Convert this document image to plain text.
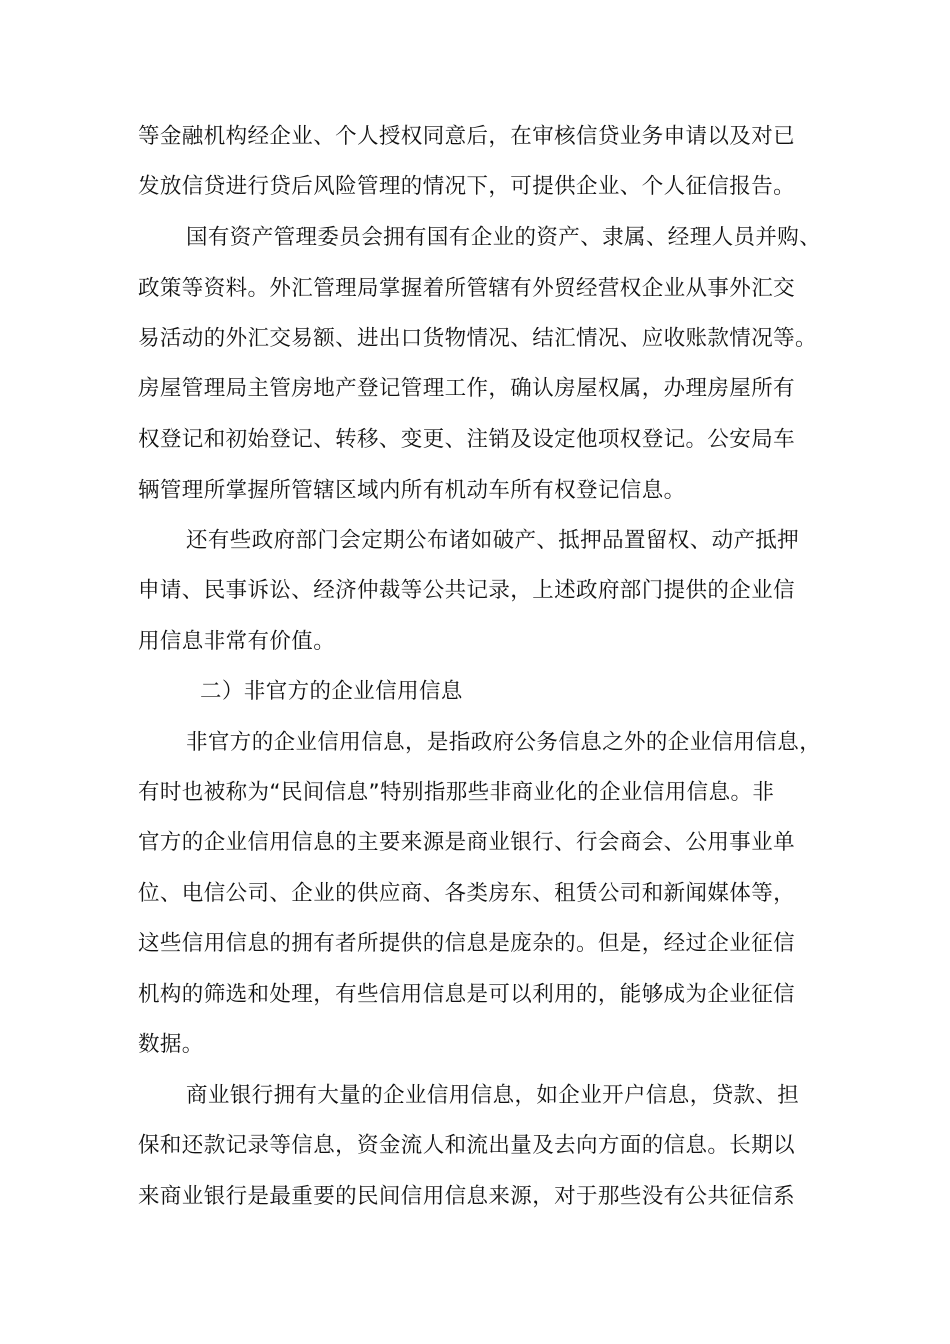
等金融机构经企业、个人授权同意后，在审核信贷业务申请以及对已
发放信贷进行贷后风险管理的情况下，可提供企业、个人征信报告。
国有资产管理委员会拥有国有企业的资产、隶属、经理人员并购、
政策等资料。外汇管理局掌握着所管辖有外贸经营权企业从事外汇交
易活动的外汇交易额、进出口货物情况、结汇情况、应收账款情况等。
房屋管理局主管房地产登记管理工作，确认房屋权属，办理房屋所有
权登记和初始登记、转移、变更、注销及设定他项权登记。公安局车
辆管理所掌握所管辖区域内所有机动车所有权登记信息。
还有些政府部门会定期公布诸如破产、抵押品置留权、动产抵押
申请、民事诉讼、经济仲裁等公共记录，上述政府部门提供的企业信
用信息非常有价值。
二）非官方的企业信用信息
非官方的企业信用信息，是指政府公务信息之外的企业信用信息，
有时也被称为“民间信息”特别指那些非商业化的企业信用信息。非
官方的企业信用信息的主要来源是商业银行、行会商会、公用事业单
位、电信公司、企业的供应商、各类房东、租赁公司和新闻媒体等，
这些信用信息的拥有者所提供的信息是庞杂的。但是，经过企业征信
机构的筛选和处理，有些信用信息是可以利用的，能够成为企业征信
数据。
商业银行拥有大量的企业信用信息，如企业开户信息，贷款、担
保和还款记录等信息，资金流人和流出量及去向方面的信息。长期以
来商业银行是最重要的民间信用信息来源，对于那些没有公共征信系
